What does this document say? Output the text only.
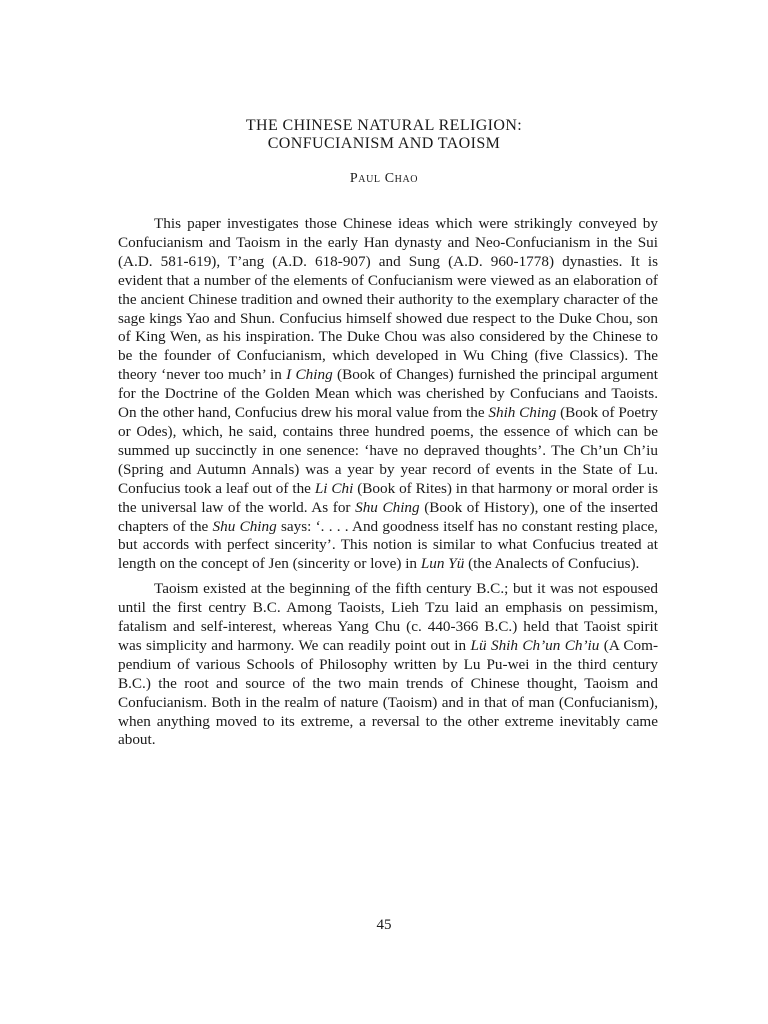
THE CHINESE NATURAL RELIGION:
CONFUCIANISM AND TAOISM
Paul Chao

This paper investigates those Chinese ideas which were strikingly conveyed by Confucianism and Taoism in the early Han dynasty and Neo-Confucianism in the Sui (A.D. 581-619), T’ang (A.D. 618-907) and Sung (A.D. 960-1778) dynasties. It is evident that a number of the elements of Confucianism were viewed as an elaboration of the ancient Chinese tradition and owned their authority to the exemplary character of the sage kings Yao and Shun. Confucius himself showed due respect to the Duke Chou, son of King Wen, as his inspiration. The Duke Chou was also considered by the Chinese to be the founder of Confucianism, which developed in Wu Ching (five Classics). The theory ‘never too much’ in I Ching (Book of Changes) furnished the principal argument for the Doctrine of the Golden Mean which was cherished by Confucians and Taoists. On the other hand, Confucius drew his moral value from the Shih Ching (Book of Poetry or Odes), which, he said, contains three hundred poems, the essence of which can be summed up succinctly in one senence: ‘have no depraved thoughts’. The Ch’un Ch’iu (Spring and Autumn Annals) was a year by year record of events in the State of Lu. Confucius took a leaf out of the Li Chi (Book of Rites) in that harmony or moral order is the universal law of the world. As for Shu Ching (Book of History), one of the inserted chapters of the Shu Ching says: ‘. . . . And goodness itself has no constant resting place, but accords with perfect sincerity’. This notion is similar to what Confucius treated at length on the concept of Jen (sincerity or love) in Lun Yü (the Analects of Confucius).

Taoism existed at the beginning of the fifth century B.C.; but it was not espoused until the first centry B.C. Among Taoists, Lieh Tzu laid an emphasis on pessimism, fatalism and self-interest, whereas Yang Chu (c. 440-366 B.C.) held that Taoist spirit was simplicity and harmony. We can readily point out in Lü Shih Ch’un Ch’iu (A Compendium of various Schools of Philosophy written by Lu Pu-wei in the third century B.C.) the root and source of the two main trends of Chinese thought, Taoism and Confucianism. Both in the realm of nature (Taoism) and in that of man (Confucianism), when anything moved to its extreme, a reversal to the other extreme inevitably came about.

45
